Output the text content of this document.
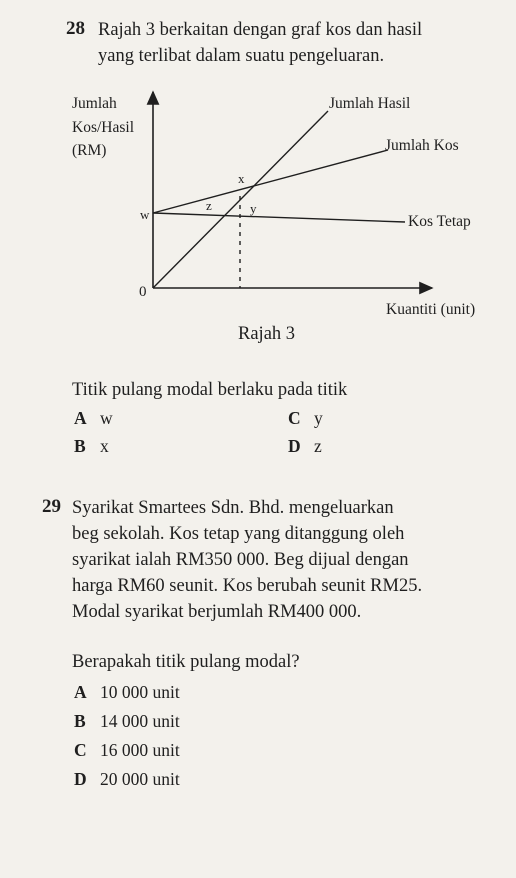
28 Rajah 3 berkaitan dengan graf kos dan hasil
yang terlibat dalam suatu pengeluaran.
Jumlah
Kos/Hasil
(RM)
Jumlah Hasil
Jumlah Kos
Kos Tetap
w
x
y
z
0
Kuantiti (unit)
Rajah 3
Titik pulang modal berlaku pada titik
A w
B x
C y
D z
29 Syarikat Smartees Sdn. Bhd. mengeluarkan
beg sekolah. Kos tetap yang ditanggung oleh
syarikat ialah RM350 000. Beg dijual dengan
harga RM60 seunit. Kos berubah seunit RM25.
Modal syarikat berjumlah RM400 000.
Berapakah titik pulang modal?
A 10 000 unit
B 14 000 unit
C 16 000 unit
D 20 000 unit
